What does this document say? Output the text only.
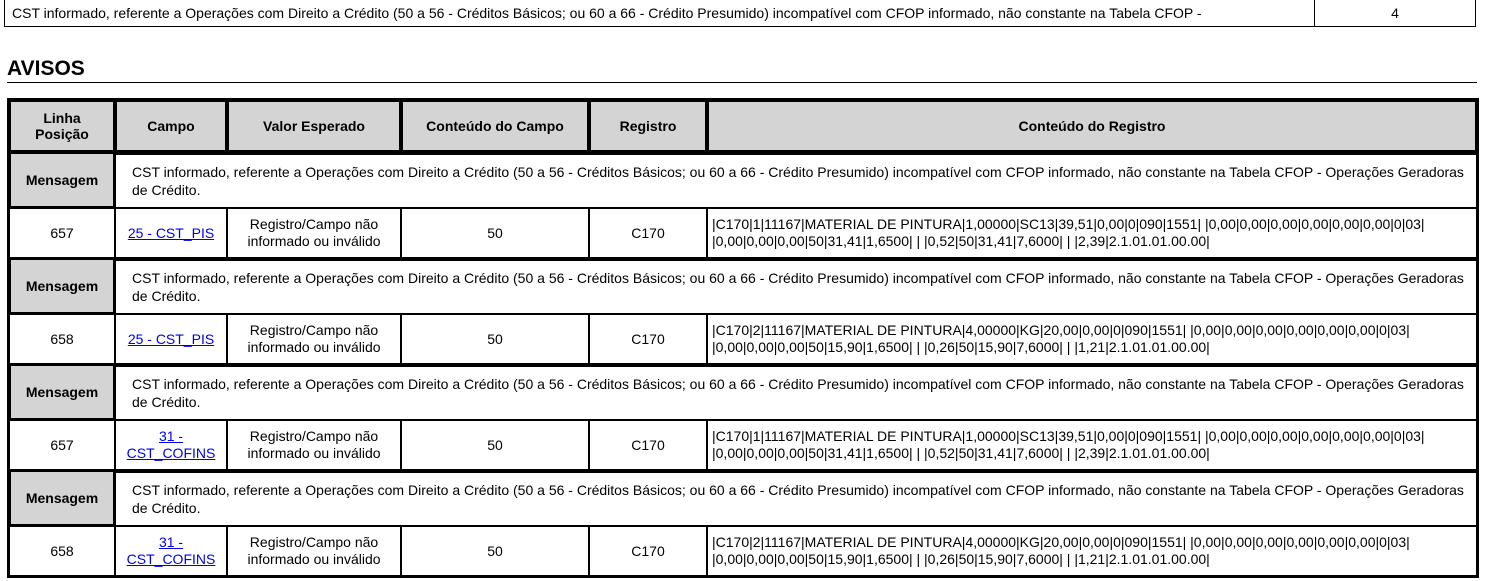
CST informado, referente a Operações com Direito a Crédito (50 a 56 - Créditos Básicos; ou 60 a 66 - Crédito Presumido) incompatível com CFOP informado, não constante na Tabela CFOP -	4
AVISOS
Linha Posição	Campo	Valor Esperado	Conteúdo do Campo	Registro	Conteúdo do Registro
Mensagem	CST informado, referente a Operações com Direito a Crédito (50 a 56 - Créditos Básicos; ou 60 a 66 - Crédito Presumido) incompatível com CFOP informado, não constante na Tabela CFOP - Operações Geradoras de Crédito.				
657	25 - CST_PIS	Registro/Campo não informado ou inválido	50	C170	|C170|1|11167|MATERIAL DE PINTURA|1,00000|SC13|39,51|0,00|0|090|1551| |0,00|0,00|0,00|0,00|0,00|0,00|0|03| |0,00|0,00|0,00|50|31,41|1,6500| | |0,52|50|31,41|7,6000| | |2,39|2.1.01.01.00.00|
Mensagem	CST informado, referente a Operações com Direito a Crédito (50 a 56 - Créditos Básicos; ou 60 a 66 - Crédito Presumido) incompatível com CFOP informado, não constante na Tabela CFOP - Operações Geradoras de Crédito.				
658	25 - CST_PIS	Registro/Campo não informado ou inválido	50	C170	|C170|2|11167|MATERIAL DE PINTURA|4,00000|KG|20,00|0,00|0|090|1551| |0,00|0,00|0,00|0,00|0,00|0,00|0|03| |0,00|0,00|0,00|50|15,90|1,6500| | |0,26|50|15,90|7,6000| | |1,21|2.1.01.01.00.00|
Mensagem	CST informado, referente a Operações com Direito a Crédito (50 a 56 - Créditos Básicos; ou 60 a 66 - Crédito Presumido) incompatível com CFOP informado, não constante na Tabela CFOP - Operações Geradoras de Crédito.				
657	31 - CST_COFINS	Registro/Campo não informado ou inválido	50	C170	|C170|1|11167|MATERIAL DE PINTURA|1,00000|SC13|39,51|0,00|0|090|1551| |0,00|0,00|0,00|0,00|0,00|0,00|0|03| |0,00|0,00|0,00|50|31,41|1,6500| | |0,52|50|31,41|7,6000| | |2,39|2.1.01.01.00.00|
Mensagem	CST informado, referente a Operações com Direito a Crédito (50 a 56 - Créditos Básicos; ou 60 a 66 - Crédito Presumido) incompatível com CFOP informado, não constante na Tabela CFOP - Operações Geradoras de Crédito.				
658	31 - CST_COFINS	Registro/Campo não informado ou inválido	50	C170	|C170|2|11167|MATERIAL DE PINTURA|4,00000|KG|20,00|0,00|0|090|1551| |0,00|0,00|0,00|0,00|0,00|0,00|0|03| |0,00|0,00|0,00|50|15,90|1,6500| | |0,26|50|15,90|7,6000| | |1,21|2.1.01.01.00.00|
